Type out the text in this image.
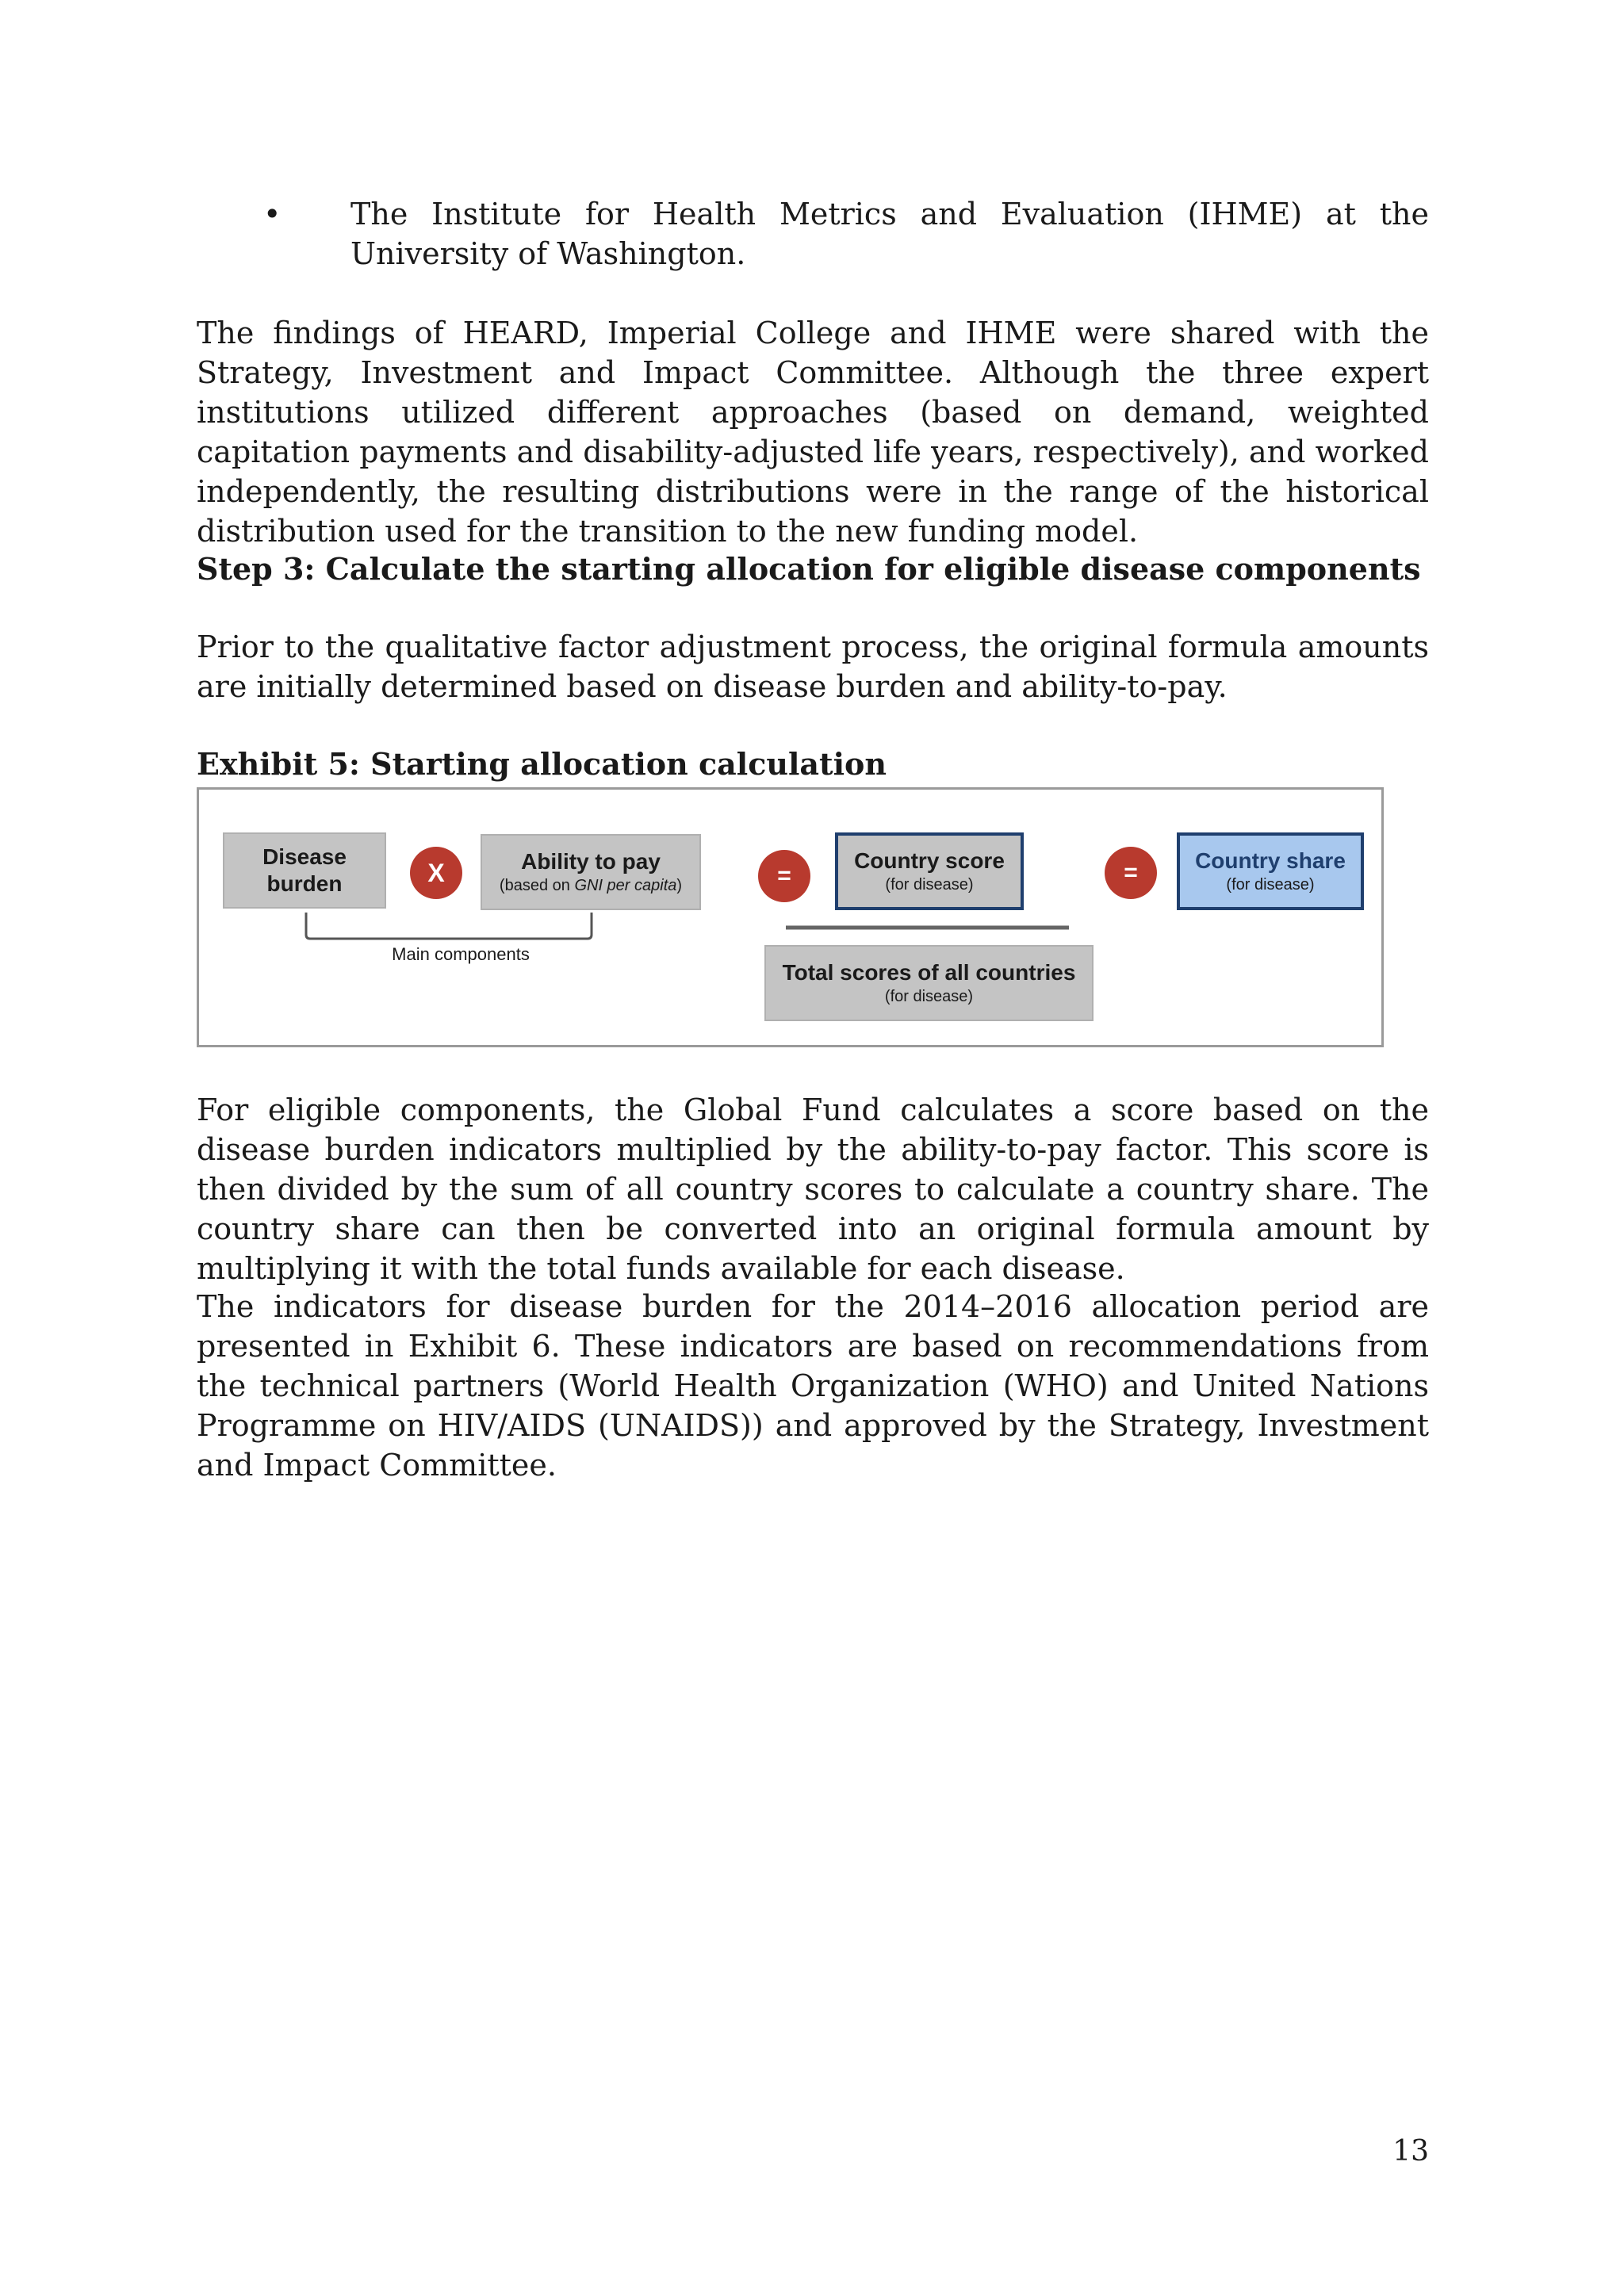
• The Institute for Health Metrics and Evaluation (IHME) at the University of Washington.

The findings of HEARD, Imperial College and IHME were shared with the Strategy, Investment and Impact Committee. Although the three expert institutions utilized different approaches (based on demand, weighted capitation payments and disability-adjusted life years, respectively), and worked independently, the resulting distributions were in the range of the historical distribution used for the transition to the new funding model.

Step 3: Calculate the starting allocation for eligible disease components

Prior to the qualitative factor adjustment process, the original formula amounts are initially determined based on disease burden and ability-to-pay.

Exhibit 5: Starting allocation calculation
Disease burden	X	Ability to pay
(based on GNI per capita)	=
Country score
(for disease)	=	Country share
(for disease)
Total scores of all countries
(for disease)
Main components

For eligible components, the Global Fund calculates a score based on the disease burden indicators multiplied by the ability-to-pay factor. This score is then divided by the sum of all country scores to calculate a country share. The country share can then be converted into an original formula amount by multiplying it with the total funds available for each disease.

The indicators for disease burden for the 2014–2016 allocation period are presented in Exhibit 6. These indicators are based on recommendations from the technical partners (World Health Organization (WHO) and United Nations Programme on HIV/AIDS (UNAIDS)) and approved by the Strategy, Investment and Impact Committee.

13
